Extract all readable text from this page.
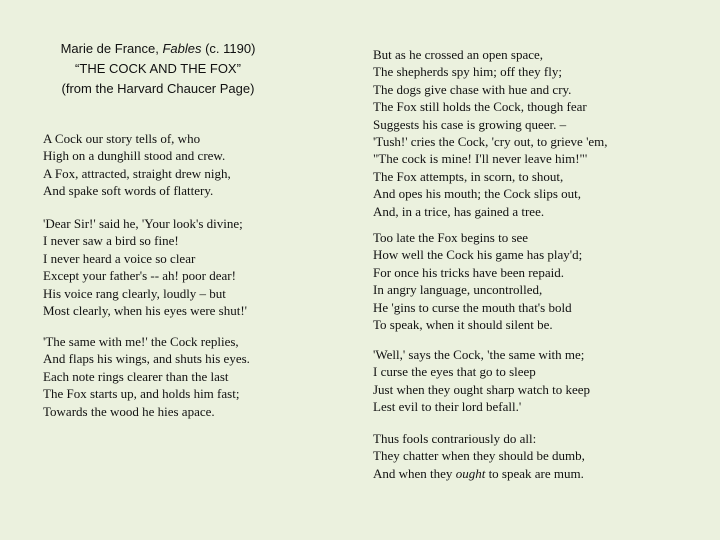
Marie de France, Fables (c. 1190)
“THE COCK AND THE FOX”
(from the Harvard Chaucer Page)
A Cock our story tells of, who
High on a dunghill stood and crew.
A Fox, attracted, straight drew nigh,
And spake soft words of flattery.
'Dear Sir!' said he, 'Your look's divine;
I never saw a bird so fine!
I never heard a voice so clear
Except your father's -- ah! poor dear!
His voice rang clearly, loudly – but
Most clearly, when his eyes were shut!'
'The same with me!' the Cock replies,
And flaps his wings, and shuts his eyes.
Each note rings clearer than the last
The Fox starts up, and holds him fast;
Towards the wood he hies apace.
But as he crossed an open space,
The shepherds spy him; off they fly;
The dogs give chase with hue and cry.
The Fox still holds the Cock, though fear
Suggests his case is growing queer. –
'Tush!' cries the Cock, 'cry out, to grieve 'em,
"The cock is mine! I'll never leave him!"'
The Fox attempts, in scorn, to shout,
And opes his mouth; the Cock slips out,
And, in a trice, has gained a tree.
Too late the Fox begins to see
How well the Cock his game has play'd;
For once his tricks have been repaid.
In angry language, uncontrolled,
He 'gins to curse the mouth that's bold
To speak, when it should silent be.
'Well,' says the Cock, 'the same with me;
I curse the eyes that go to sleep
Just when they ought sharp watch to keep
Lest evil to their lord befall.'
Thus fools contrariously do all:
They chatter when they should be dumb,
And when they ought to speak are mum.
